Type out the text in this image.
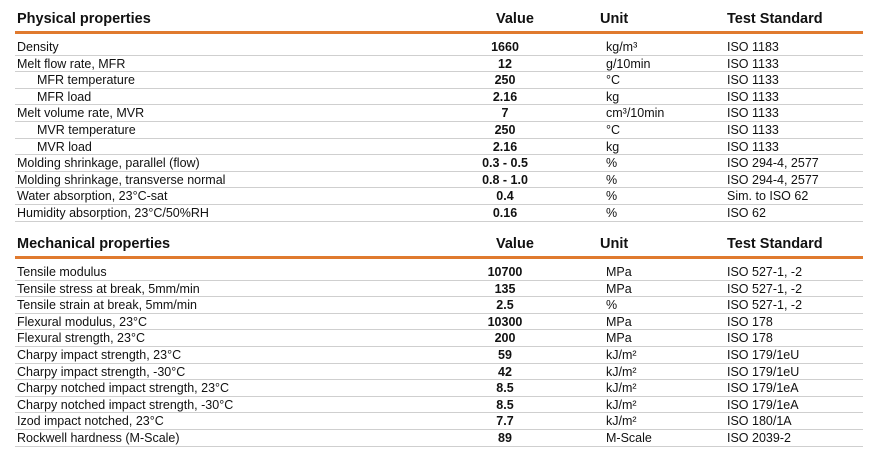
Physical properties	Value	Unit	Test Standard
Density	1660	kg/m³	ISO 1183
Melt flow rate, MFR	12	g/10min	ISO 1133
MFR temperature	250	°C	ISO 1133
MFR load	2.16	kg	ISO 1133
Melt volume rate, MVR	7	cm³/10min	ISO 1133
MVR temperature	250	°C	ISO 1133
MVR load	2.16	kg	ISO 1133
Molding shrinkage, parallel (flow)	0.3 - 0.5	%	ISO 294-4, 2577
Molding shrinkage, transverse normal	0.8 - 1.0	%	ISO 294-4, 2577
Water absorption, 23°C-sat	0.4	%	Sim. to ISO 62
Humidity absorption, 23°C/50%RH	0.16	%	ISO 62
Mechanical properties	Value	Unit	Test Standard
Tensile modulus	10700	MPa	ISO 527-1, -2
Tensile stress at break, 5mm/min	135	MPa	ISO 527-1, -2
Tensile strain at break, 5mm/min	2.5	%	ISO 527-1, -2
Flexural modulus, 23°C	10300	MPa	ISO 178
Flexural strength, 23°C	200	MPa	ISO 178
Charpy impact strength, 23°C	59	kJ/m²	ISO 179/1eU
Charpy impact strength, -30°C	42	kJ/m²	ISO 179/1eU
Charpy notched impact strength, 23°C	8.5	kJ/m²	ISO 179/1eA
Charpy notched impact strength, -30°C	8.5	kJ/m²	ISO 179/1eA
Izod impact notched, 23°C	7.7	kJ/m²	ISO 180/1A
Rockwell hardness (M-Scale)	89	M-Scale	ISO 2039-2
